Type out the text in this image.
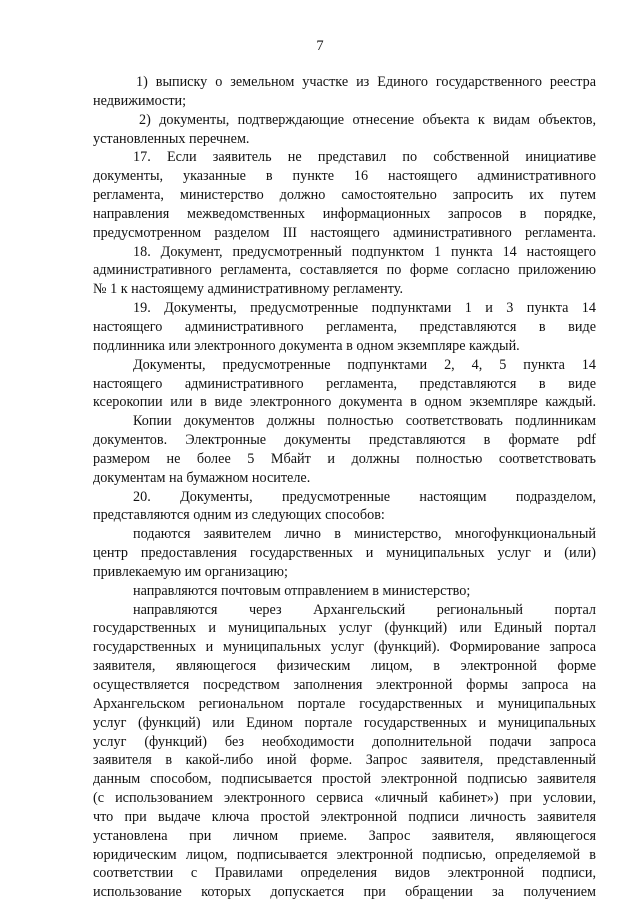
7
1) выписку о земельном участке из Единого государственного реестра
недвижимости;
2) документы, подтверждающие отнесение объекта к видам объектов,
установленных перечнем.
17. Если заявитель не представил по собственной инициативе
документы, указанные в пункте 16 настоящего административного
регламента, министерство должно самостоятельно запросить их путем
направления межведомственных информационных запросов в порядке,
предусмотренном разделом III настоящего административного регламента.
18. Документ, предусмотренный подпунктом 1 пункта 14 настоящего
административного регламента, составляется по форме согласно приложению
№ 1 к настоящему административному регламенту.
19. Документы, предусмотренные подпунктами 1 и 3 пункта 14
настоящего административного регламента, представляются в виде
подлинника или электронного документа в одном экземпляре каждый.
Документы, предусмотренные подпунктами 2, 4, 5 пункта 14
настоящего административного регламента, представляются в виде
ксерокопии или в виде электронного документа в одном экземпляре каждый.
Копии документов должны полностью соответствовать подлинникам
документов. Электронные документы представляются в формате pdf
размером не более 5 Мбайт и должны полностью соответствовать
документам на бумажном носителе.
20. Документы, предусмотренные настоящим подразделом,
представляются одним из следующих способов:
подаются заявителем лично в министерство, многофункциональный
центр предоставления государственных и муниципальных услуг и (или)
привлекаемую им организацию;
направляются почтовым отправлением в министерство;
направляются через Архангельский региональный портал
государственных и муниципальных услуг (функций) или Единый портал
государственных и муниципальных услуг (функций). Формирование запроса
заявителя, являющегося физическим лицом, в электронной форме
осуществляется посредством заполнения электронной формы запроса на
Архангельском региональном портале государственных и муниципальных
услуг (функций) или Едином портале государственных и муниципальных
услуг (функций) без необходимости дополнительной подачи запроса
заявителя в какой-либо иной форме. Запрос заявителя, представленный
данным способом, подписывается простой электронной подписью заявителя
(с использованием электронного сервиса «личный кабинет») при условии,
что при выдаче ключа простой электронной подписи личность заявителя
установлена при личном приеме. Запрос заявителя, являющегося
юридическим лицом, подписывается электронной подписью, определяемой в
соответствии с Правилами определения видов электронной подписи,
использование которых допускается при обращении за получением
